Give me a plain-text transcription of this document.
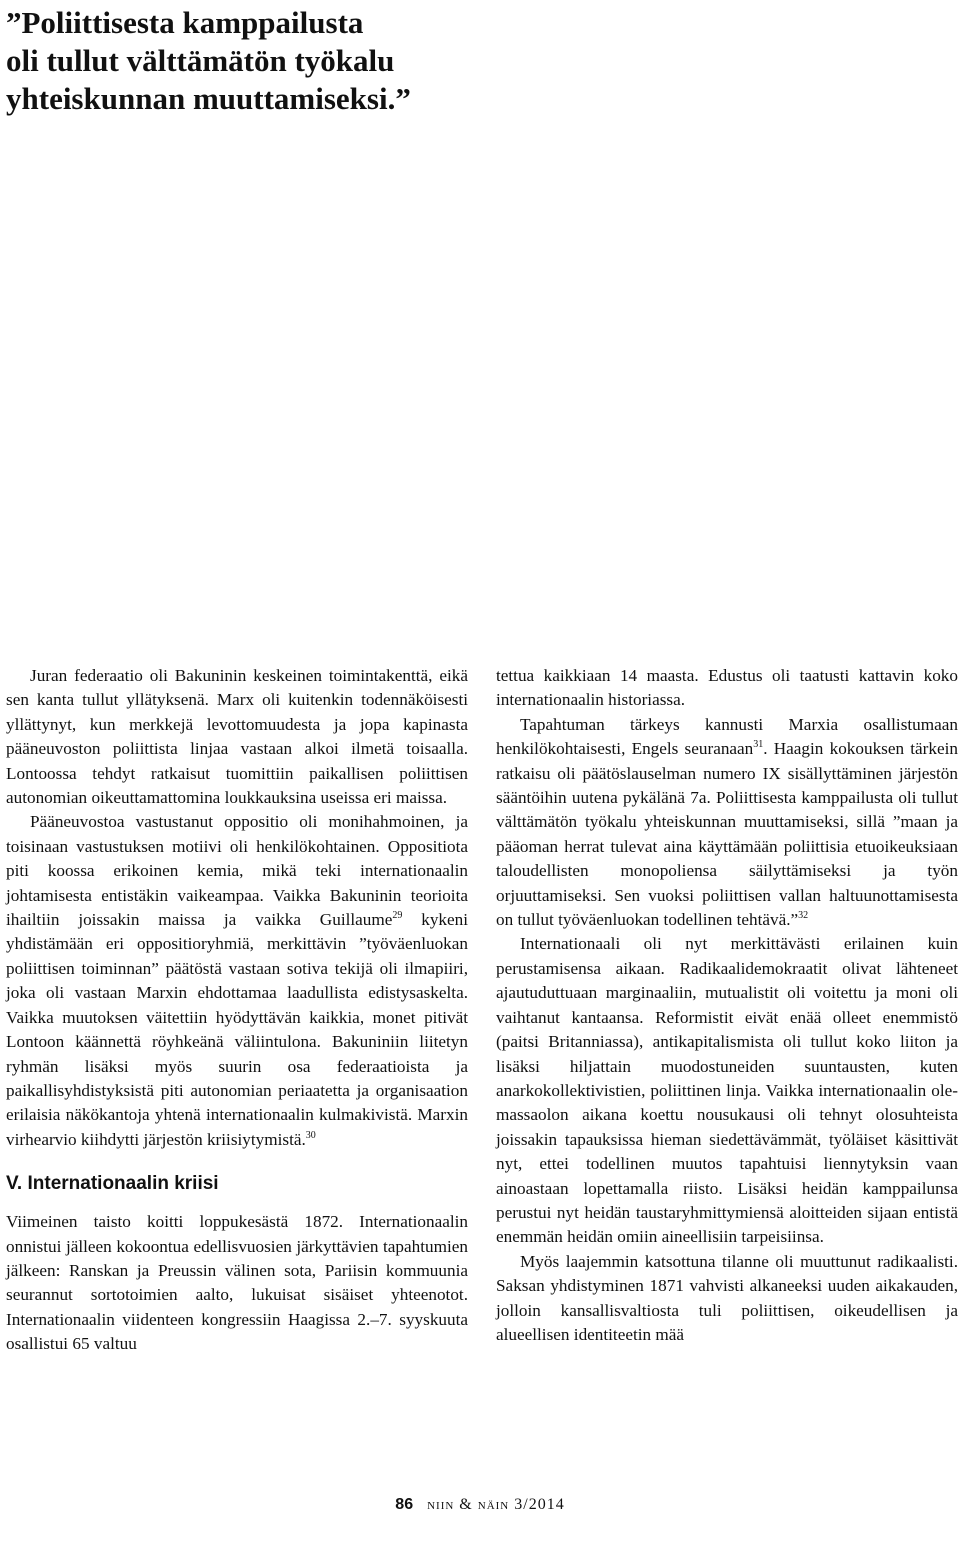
”Poliittisesta kamppailusta
oli tullut välttämätön työkalu
yhteiskunnan muuttamiseksi.”

Juran federaatio oli Bakuninin keskeinen toimintakenttä, eikä sen kanta tullut yllätyksenä. Marx oli kuitenkin todennäköisesti yllättynyt, kun merkkejä levottomuudesta ja jopa kapinasta pääneuvoston poliittista linjaa vastaan alkoi ilmetä toisaalla. Lontoossa tehdyt ratkaisut tuomittiin paikallisen poliittisen autonomian oikeuttamattomina loukkauksina useissa eri maissa.

Pääneuvostoa vastustanut oppositio oli monihahmoinen, ja toisinaan vastustuksen motiivi oli henkilökohtainen. Oppositiota piti koossa erikoinen kemia, mikä teki internationaalin johtamisesta entistäkin vaikeampaa. Vaikka Bakuninin teorioita ihailtiin joissakin maissa ja vaikka Guillaume$^{29}$ kykeni yhdistämään eri oppositioryhmiä, merkittävin ”työväenluokan poliittisen toiminnan” päätöstä vastaan sotiva tekijä oli ilmapiiri, joka oli vastaan Marxin ehdottamaa laadullista edistysaskelta. Vaikka muutoksen väitettiin hyödyttävän kaikkia, monet pitivät Lontoon käännettä röyhkeänä väliintulona. Bakuniniin liitetyn ryhmän lisäksi myös suurin osa federaatioista ja paikallisyhdistyksistä piti autonomian periaatetta ja organisaation erilaisia näkökantoja yhtenä internationaalin kulmakivistä. Marxin virhearvio kiihdytti järjestön kriisiytymistä.$^{30}$

V. Internationaalin kriisi

Viimeinen taisto koitti loppukesästä 1872. Internationaalin onnistui jälleen kokoontua edellisvuosien järkyttävien tapahtumien jälkeen: Ranskan ja Preussin välinen sota, Pariisin kommuunia seurannut sortotoimien aalto, lukuisat sisäiset yhteenotot. Internationaalin viidenteen kongressiin Haagissa 2.–7. syyskuuta osallistui 65 valtuu

tettua kaikkiaan 14 maasta. Edustus oli taatusti kattavin koko internationaalin historiassa.

Tapahtuman tärkeys kannusti Marxia osallistumaan henkilökohtaisesti, Engels seuranaan$^{31}$. Haagin kokouksen tärkein ratkaisu oli päätöslauselman numero IX sisällyttäminen järjestön sääntöihin uutena pykälänä 7a. Poliittisesta kamppailusta oli tullut välttämätön työkalu yhteiskunnan muuttamiseksi, sillä ”maan ja pääoman herrat tulevat aina käyttämään poliittisia etuoikeuksiaan taloudellisten monopoliensa säilyttämiseksi ja työn orjuuttamiseksi. Sen vuoksi poliittisen vallan haltuunottamisesta on tullut työväenluokan todellinen tehtävä.”$^{32}$

Internationaali oli nyt merkittävästi erilainen kuin perustamisensa aikaan. Radikaalidemokraatit olivat lähteneet ajautuduttuaan marginaaliin, mutualistit oli voitettu ja moni oli vaihtanut kantaansa. Reformistit eivät enää olleet enemmistö (paitsi Britanniassa), antikapitalismista oli tullut koko liiton ja lisäksi hiljattain muodostuneiden suuntausten, kuten anarkokollektivistien, poliittinen linja. Vaikka internationaalin olemassaolon aikana koettu nousukausi oli tehnyt olosuhteista joissakin tapauksissa hieman siedettävämmät, työläiset käsittivät nyt, ettei todellinen muutos tapahtuisi liennytyksin vaan ainoastaan lopettamalla riisto. Lisäksi heidän kamppailunsa perustui nyt heidän taustaryhmittymiensä aloitteiden sijaan entistä enemmän heidän omiin aineellisiin tarpeisiinsa.

Myös laajemmin katsottuna tilanne oli muuttunut radikaalisti. Saksan yhdistyminen 1871 vahvisti alkaneeksi uuden aikakauden, jolloin kansallisvaltiosta tuli poliittisen, oikeudellisen ja alueellisen identiteetin mää

86 niin & näin 3/2014
